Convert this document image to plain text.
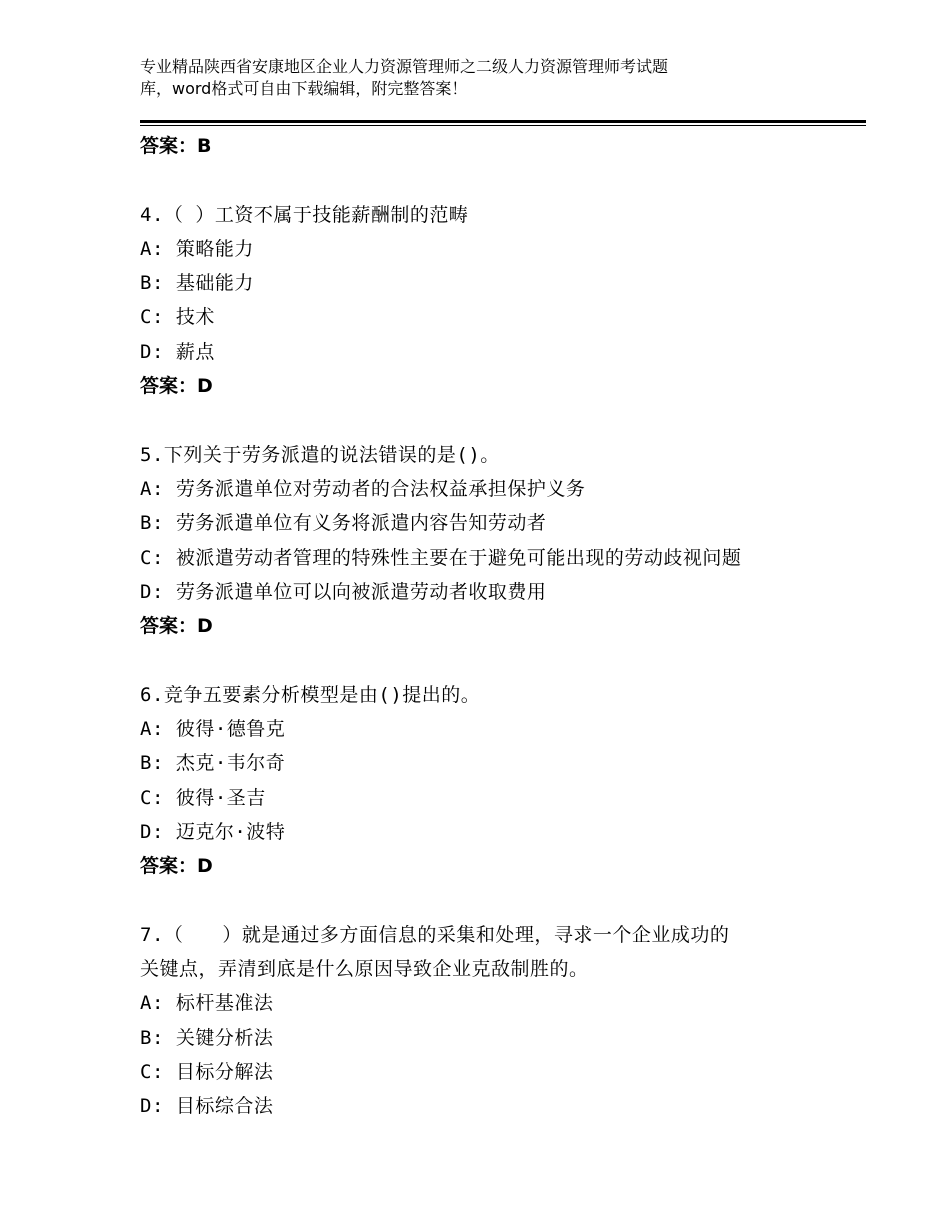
专业精品陕西省安康地区企业人力资源管理师之二级人力资源管理师考试题
库，word格式可自由下载编辑，附完整答案！
答案：B
4.（ ）工资不属于技能薪酬制的范畴
A: 策略能力
B: 基础能力
C: 技术
D: 薪点
答案：D
5.下列关于劳务派遣的说法错误的是()。
A: 劳务派遣单位对劳动者的合法权益承担保护义务
B: 劳务派遣单位有义务将派遣内容告知劳动者
C: 被派遣劳动者管理的特殊性主要在于避免可能出现的劳动歧视问题
D: 劳务派遣单位可以向被派遣劳动者收取费用
答案：D
6.竞争五要素分析模型是由()提出的。
A: 彼得·德鲁克
B: 杰克·韦尔奇
C: 彼得·圣吉
D: 迈克尔·波特
答案：D
7.（　　）就是通过多方面信息的采集和处理，寻求一个企业成功的
关键点，弄清到底是什么原因导致企业克敌制胜的。
A: 标杆基准法
B: 关键分析法
C: 目标分解法
D: 目标综合法
